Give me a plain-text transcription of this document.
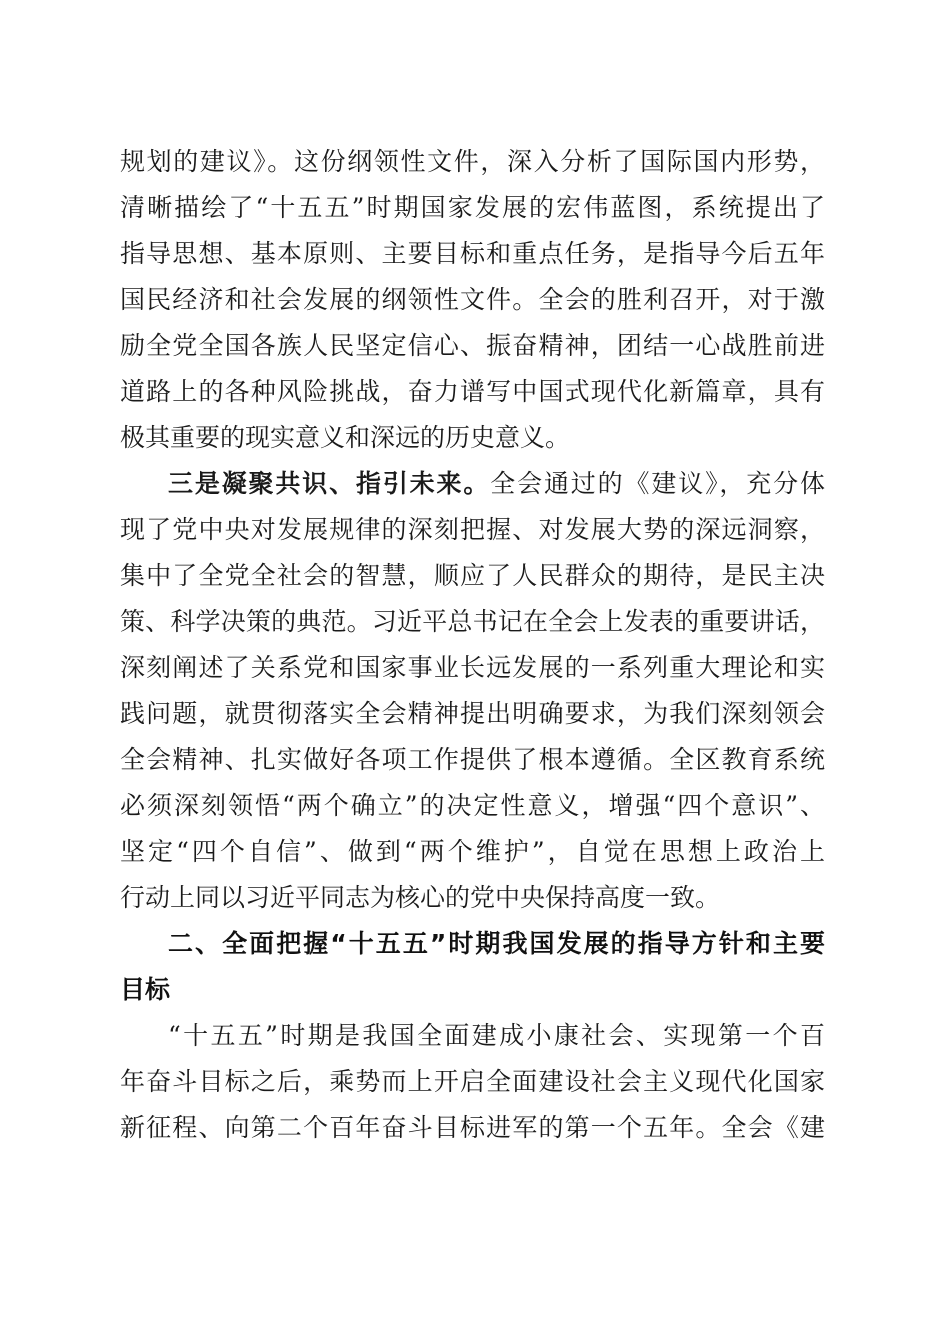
规划的建议》。这份纲领性文件，深入分析了国际国内形势，
清晰描绘了“十五五”时期国家发展的宏伟蓝图，系统提出了
指导思想、基本原则、主要目标和重点任务，是指导今后五年
国民经济和社会发展的纲领性文件。全会的胜利召开，对于激
励全党全国各族人民坚定信心、振奋精神，团结一心战胜前进
道路上的各种风险挑战，奋力谱写中国式现代化新篇章，具有
极其重要的现实意义和深远的历史意义。
三是凝聚共识、指引未来。全会通过的《建议》，充分体
现了党中央对发展规律的深刻把握、对发展大势的深远洞察，
集中了全党全社会的智慧，顺应了人民群众的期待，是民主决
策、科学决策的典范。习近平总书记在全会上发表的重要讲话，
深刻阐述了关系党和国家事业长远发展的一系列重大理论和实
践问题，就贯彻落实全会精神提出明确要求，为我们深刻领会
全会精神、扎实做好各项工作提供了根本遵循。全区教育系统
必须深刻领悟“两个确立”的决定性意义，增强“四个意识”、
坚定“四个自信”、做到“两个维护”，自觉在思想上政治上
行动上同以习近平同志为核心的党中央保持高度一致。
二、全面把握“十五五”时期我国发展的指导方针和主要
目标
“十五五”时期是我国全面建成小康社会、实现第一个百
年奋斗目标之后，乘势而上开启全面建设社会主义现代化国家
新征程、向第二个百年奋斗目标进军的第一个五年。全会《建
